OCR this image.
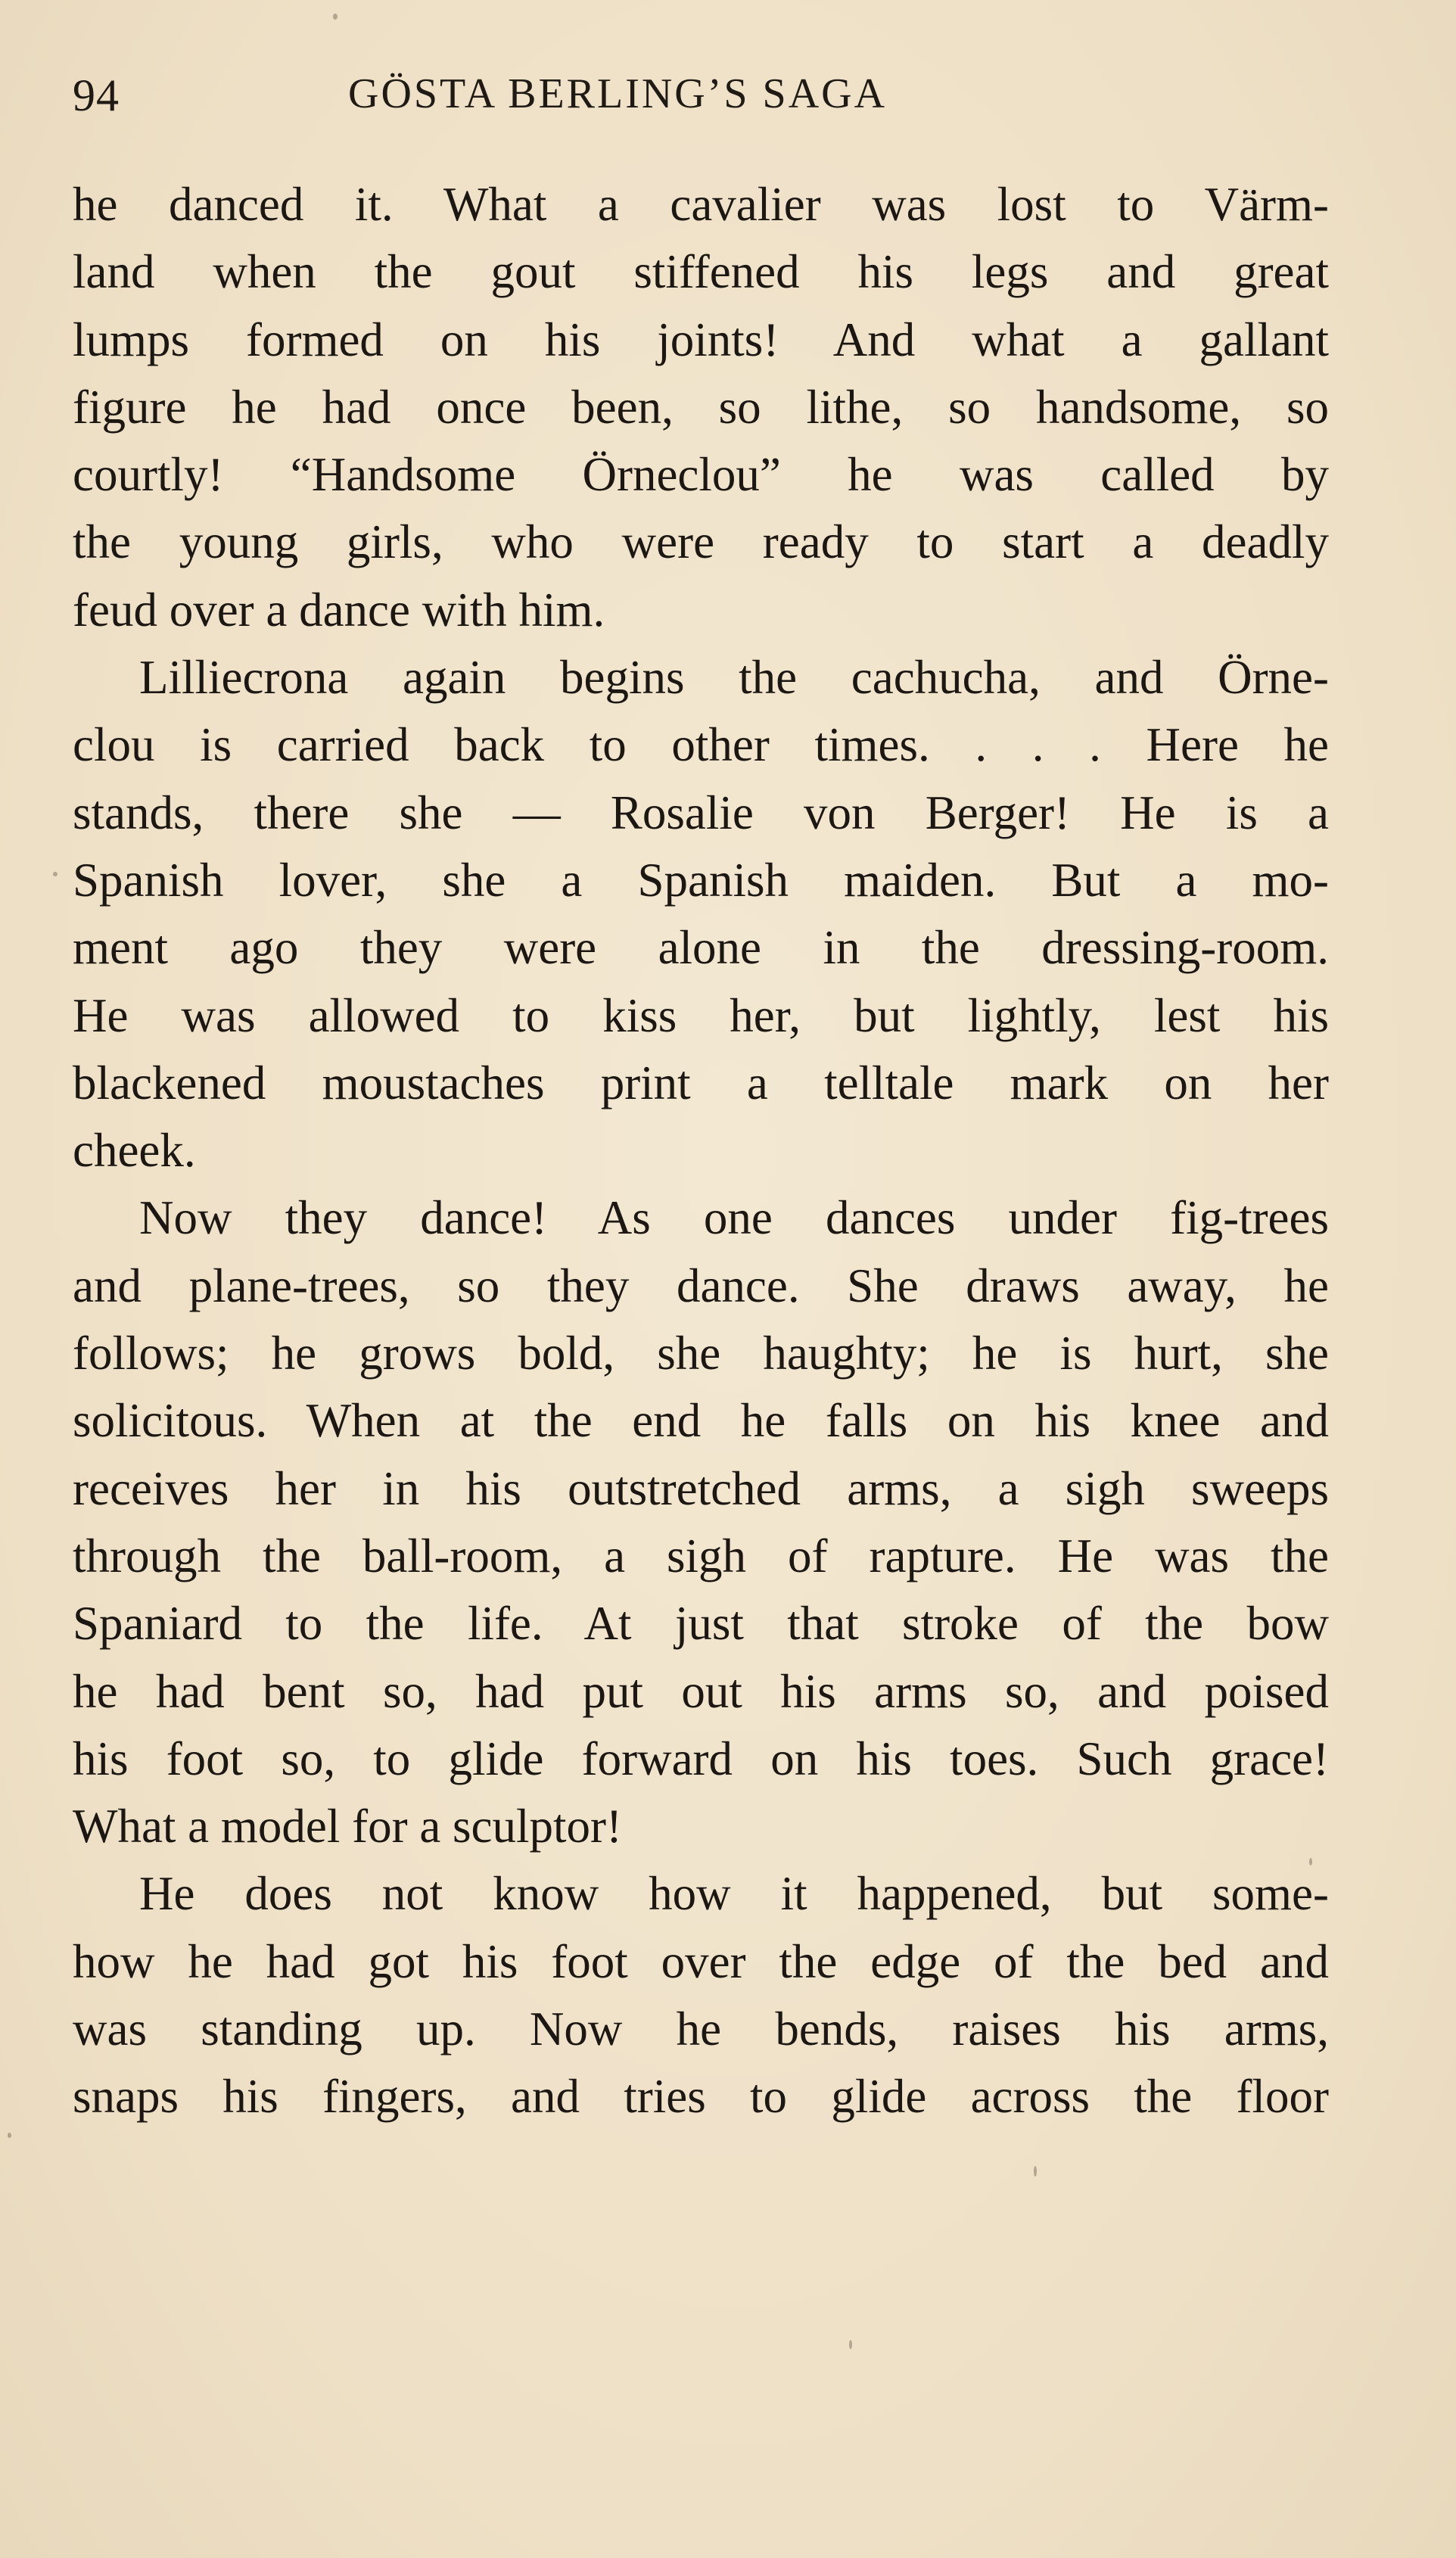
94	GÖSTA BERLING’S SAGA
he danced it. What a cavalier was lost to Värm-
land when the gout stiffened his legs and great
lumps formed on his joints! And what a gallant
figure he had once been, so lithe, so handsome, so
courtly! “Handsome Örneclou” he was called by
the young girls, who were ready to start a deadly
feud over a dance with him.
Lilliecrona again begins the cachucha, and Örne-
clou is carried back to other times. . . . Here he
stands, there she — Rosalie von Berger! He is a
Spanish lover, she a Spanish maiden. But a mo-
ment ago they were alone in the dressing-room.
He was allowed to kiss her, but lightly, lest his
blackened moustaches print a telltale mark on her
cheek.
Now they dance! As one dances under fig-trees
and plane-trees, so they dance. She draws away, he
follows; he grows bold, she haughty; he is hurt, she
solicitous. When at the end he falls on his knee and
receives her in his outstretched arms, a sigh sweeps
through the ball-room, a sigh of rapture. He was the
Spaniard to the life. At just that stroke of the bow
he had bent so, had put out his arms so, and poised
his foot so, to glide forward on his toes. Such grace!
What a model for a sculptor!
He does not know how it happened, but some-
how he had got his foot over the edge of the bed and
was standing up. Now he bends, raises his arms,
snaps his fingers, and tries to glide across the floor
